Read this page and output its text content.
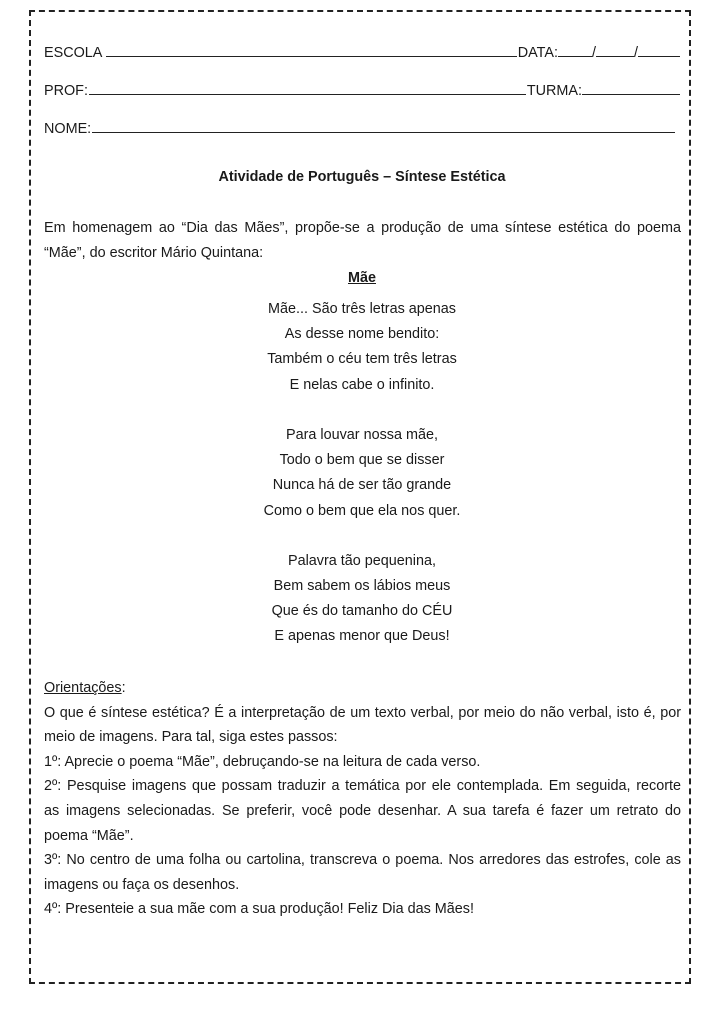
ESCOLA	DATA: /	/
PROF:	TURMA:
NOME:
Atividade de Português – Síntese Estética
Em homenagem ao “Dia das Mães”, propõe-se a produção de uma síntese estética do poema
“Mãe”, do escritor Mário Quintana:
Mãe
Mãe... São três letras apenas
As desse nome bendito:
Também o céu tem três letras
E nelas cabe o infinito.
Para louvar nossa mãe,
Todo o bem que se disser
Nunca há de ser tão grande
Como o bem que ela nos quer.
Palavra tão pequenina,
Bem sabem os lábios meus
Que és do tamanho do CÉU
E apenas menor que Deus!
Orientações:
O que é síntese estética? É a interpretação de um texto verbal, por meio do não verbal, isto é, por
meio de imagens. Para tal, siga estes passos:
1º: Aprecie o poema “Mãe”, debruçando-se na leitura de cada verso.
2º: Pesquise imagens que possam traduzir a temática por ele contemplada. Em seguida, recorte
as imagens selecionadas. Se preferir, você pode desenhar. A sua tarefa é fazer um retrato do
poema “Mãe”.
3º: No centro de uma folha ou cartolina, transcreva o poema. Nos arredores das estrofes, cole as
imagens ou faça os desenhos.
4º: Presenteie a sua mãe com a sua produção! Feliz Dia das Mães!
